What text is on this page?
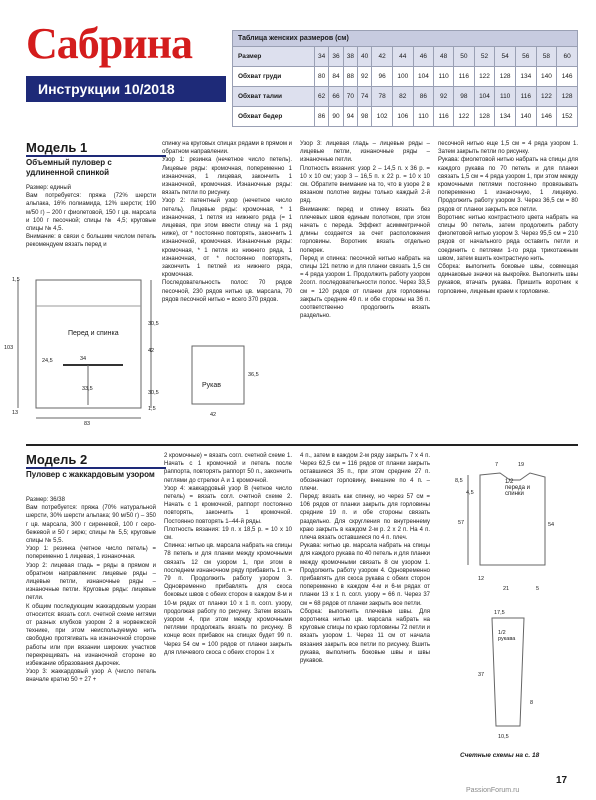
Сабрина
Инструкции 10/2018
Таблица женских размеров (см)														
Размер	34	36	38	40	42	44	46	48	50	52	54	56	58	60
Обхват груди	80	84	88	92	96	100	104	110	116	122	128	134	140	146
Обхват талии	62	66	70	74	78	82	86	92	98	104	110	116	122	128
Обхват бедер	86	90	94	98	102	106	110	116	122	128	134	140	146	152
Модель 1
Объемный пуловер с удлиненной спинкой
Размер: единый
Вам потребуется: пряжа (72% шерсти альпака, 16% полиамида, 12% шерсти; 190 м/50 г) – 200 г фиолетовой, 150 г цв. марсала и 100 г песочной; спицы № 4,5; круговые спицы № 4,5.
Внимание: в связи с большим числом петель рекомендуем вязать перед и
спинку на круговых спицах рядами в прямом и обратном направлении.
Узор 1: резинка (нечетное число петель). Лицевые ряды: кромочная, попеременно 1 изнаночная, 1 лицевая, закончить 1 изнаночной, кромочная. Изнаночные ряды: вязать петли по рисунку.
Узор 2: патентный узор (нечетное число петель). Лицевые ряды: кромочная, * 1 изнаночная, 1 петля из нижнего ряда (= 1 лицевая, при этом ввести спицу на 1 ряд ниже), от * постоянно повторять, закончить 1 изнаночной, кромочная. Изнаночные ряды: кромочная, * 1 петля из нижнего ряда, 1 изнаночная, от * постоянно повторять, закончить 1 петлей из нижнего ряда, кромочная.
Последовательность полос: 70 рядов песочной, 230 рядов нитью цв. марсала, 70 рядов песочной нитью = всего 370 рядов.
Узор 3: лицевая гладь – лицевые ряды – лицевые петли, изнаночные ряды – изнаночные петли.
Плотность вязания: узор 2 – 14,5 п. х 36 р. = 10 х 10 см; узор 3 – 16,5 п. х 22 р. = 10 х 10 см. Обратите внимание на то, что в узоре 2 в вязаном полотне видны только каждый 2-й ряд.
Внимание: перед и спинку вязать без плечевых швов единым полотном, при этом начать с переда. Эффект асимметричной длины создается за счет расположения горловины. Воротник вязать отдельно поперек.
Перед и спинка: песочной нитью набрать на спицы 121 петлю и для планки связать 1,5 см = 4 ряда узором 1. Продолжить работу узором 2согл. последовательности полос. Через 33,5 см = 120 рядов от планки для горловины закрыть средние 49 п. и обе стороны на 36 п. соответственно продолжить вязать раздельно.
песочной нитью еще 1,5 см = 4 ряда узором 1. Затем закрыть петли по рисунку.
Рукава: фиолетовой нитью набрать на спицы для каждого рукава по 70 петель и для планки связать 1,5 см = 4 ряда узором 1, при этом между кромочными петлями постоянно провязывать попеременно 1 изнаночную, 1 лицевую. Продолжить работу узором 3. Через 36,5 см = 80 рядов от планки закрыть все петли.
Воротник: нитью контрастного цвета набрать на спицы 90 петель, затем продолжить работу фиолетовой нитью узором 3. Через 95,5 см = 210 рядов от начального ряда оставить петли и соединить с петлями 1-го ряда трикотажным швом, затем вшить контрастную нить.
Сборка: выполнить боковые швы, совмещая одинаковые значки на выкройке. Выполнить швы рукавов, втачать рукава. Пришить воротник к горловине, лицевым краем к горловине.
Перед и спинка
1,5
30,5
42
103
34
24,5
33,5
30,5
1,5
83
13
Рукав
36,5
42
Модель 2
Пуловер с жаккардовым узором
Размер: 36/38
Вам потребуется: пряжа (70% натуральной шерсти, 30% шерсти альпака; 90 м/50 г) – 350 г цв. марсала, 300 г сиреневой, 100 г серо-бежевой и 50 г экрю; спицы № 5,5; круговые спицы № 5,5.
Узор 1: резинка (четное число петель) = попеременно 1 лицевая, 1 изнаночная.
Узор 2: лицевая гладь = ряды в прямом и обратном направлении: лицевые ряды – лицевые петли, изнаночные ряды – изнаночные петли. Круговые ряды: лицевые петли.
К общим последующим жаккардовым узорам относится: вязать согл. счетной схеме нитями от разных клубков узором 2 в норвежской технике, при этом неиспользуемую нить свободно протягивать на изнаночной стороне работы или при вязании широких участков перекрещивать на изнаночной стороне во избежание образования дырочек.
Узор 3: жаккардовый узор А (число петель вначале кратно 50 + 27 +
2 кромочные) = вязать согл. счетной схеме 1. Начать с 1 кромочной и петель после раппорта, повторять раппорт 50 п., закончить петлями до стрелки А и 1 кромочной.
Узор 4: жаккардовый узор В (четное число петель) = вязать согл. счетной схеме 2. Начать с 1 кромочной, раппорт постоянно повторять, закончить 1 кромочной. Постоянно повторять 1–44-й ряды.
Плотность вязания: 19 п. х 18,5 р. = 10 х 10 см.
Спинка: нитью цв. марсала набрать на спицы 78 петель и для планки между кромочными связать 12 см узором 1, при этом в последнем изнаночном ряду прибавить 1 п. = 79 п. Продолжить работу узором 3. Одновременно прибавлять для скоса боковых швов с обеих сторон в каждом 8-м и 10-м рядах от планки 10 х 1 п. согл. узору, продолжая работу по рисунку. Затем вязать узором 4, при этом между кромочными петлями продолжать вязать по рисунку. В конце всех прибавок на спицах будет 99 п. Через 54 см = 100 рядов от планки закрыть для плечевого скоса с обеих сторон 1 х
4 п., затем в каждом 2-м ряду закрыть 7 х 4 п. Через 62,5 см = 116 рядов от планки закрыть оставшиеся 35 п., при этом средние 27 п. обозначают горловину, внешние по 4 п. – плечи.
Перед: вязать как спинку, но через 57 см = 106 рядов от планки закрыть для горловины средние 19 п. и обе стороны связать раздельно. Для скругления по внутреннему краю закрыть в каждом 2-м р. 2 х 2 п. На 4 п. плеча вязать оставшиеся по 4 п. плеч.
Рукава: нитью цв. марсала набрать на спицы для каждого рукава по 40 петель и для планки между кромочными связать 8 см узором 1. Продолжить работу узором 4. Одновременно прибавлять для скоса рукава с обеих сторон попеременно в каждом 4-м и 6-м рядах от планки 13 х 1 п. согл. узору = 66 п. Через 37 см = 68 рядов от планки закрыть все петли.
Сборка: выполнить плечевые швы. Для воротника нитью цв. марсала набрать на круговые спицы по краю горловины 72 петли и вязать узором 1. Через 11 см от начала вязания закрыть все петли по рисунку. Вшить рукава, выполнить боковые швы и швы рукавов.
1/2 переда и спинки
7	19
8,5
4,5
57	54
12
21	5
17,5
1/2 рукава
37
8
10,5
Счетные схемы на с. 18
17
PassionForum.ru
